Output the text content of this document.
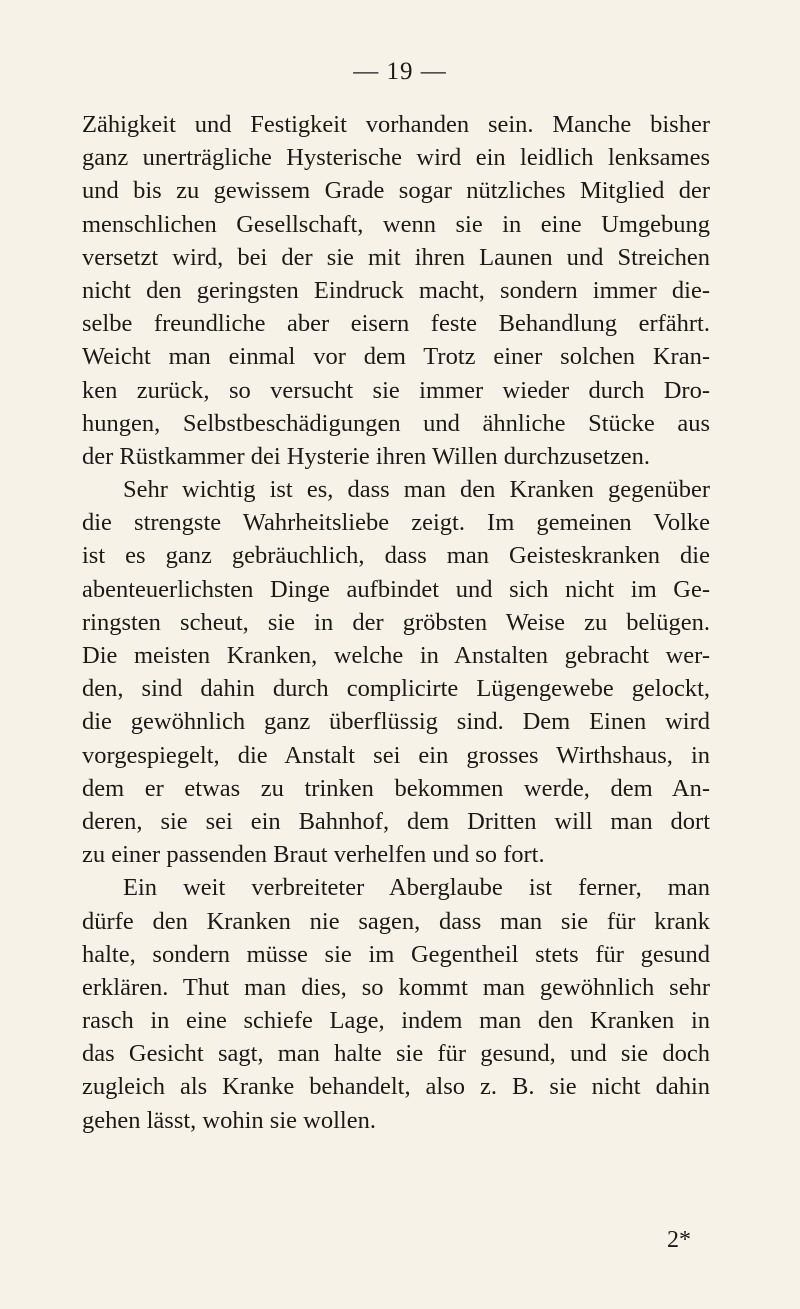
— 19 —
Zähigkeit und Festigkeit vorhanden sein. Manche bisher
ganz unerträgliche Hysterische wird ein leidlich lenksames
und bis zu gewissem Grade sogar nützliches Mitglied der
menschlichen Gesellschaft, wenn sie in eine Umgebung
versetzt wird, bei der sie mit ihren Launen und Streichen
nicht den geringsten Eindruck macht, sondern immer die-
selbe freundliche aber eisern feste Behandlung erfährt.
Weicht man einmal vor dem Trotz einer solchen Kran-
ken zurück, so versucht sie immer wieder durch Dro-
hungen, Selbstbeschädigungen und ähnliche Stücke aus
der Rüstkammer dei Hysterie ihren Willen durchzusetzen.
Sehr wichtig ist es, dass man den Kranken gegenüber
die strengste Wahrheitsliebe zeigt. Im gemeinen Volke
ist es ganz gebräuchlich, dass man Geisteskranken die
abenteuerlichsten Dinge aufbindet und sich nicht im Ge-
ringsten scheut, sie in der gröbsten Weise zu belügen.
Die meisten Kranken, welche in Anstalten gebracht wer-
den, sind dahin durch complicirte Lügengewebe gelockt,
die gewöhnlich ganz überflüssig sind. Dem Einen wird
vorgespiegelt, die Anstalt sei ein grosses Wirthshaus, in
dem er etwas zu trinken bekommen werde, dem An-
deren, sie sei ein Bahnhof, dem Dritten will man dort
zu einer passenden Braut verhelfen und so fort.
Ein weit verbreiteter Aberglaube ist ferner, man
dürfe den Kranken nie sagen, dass man sie für krank
halte, sondern müsse sie im Gegentheil stets für gesund
erklären. Thut man dies, so kommt man gewöhnlich sehr
rasch in eine schiefe Lage, indem man den Kranken in
das Gesicht sagt, man halte sie für gesund, und sie doch
zugleich als Kranke behandelt, also z. B. sie nicht dahin
gehen lässt, wohin sie wollen.
2*
